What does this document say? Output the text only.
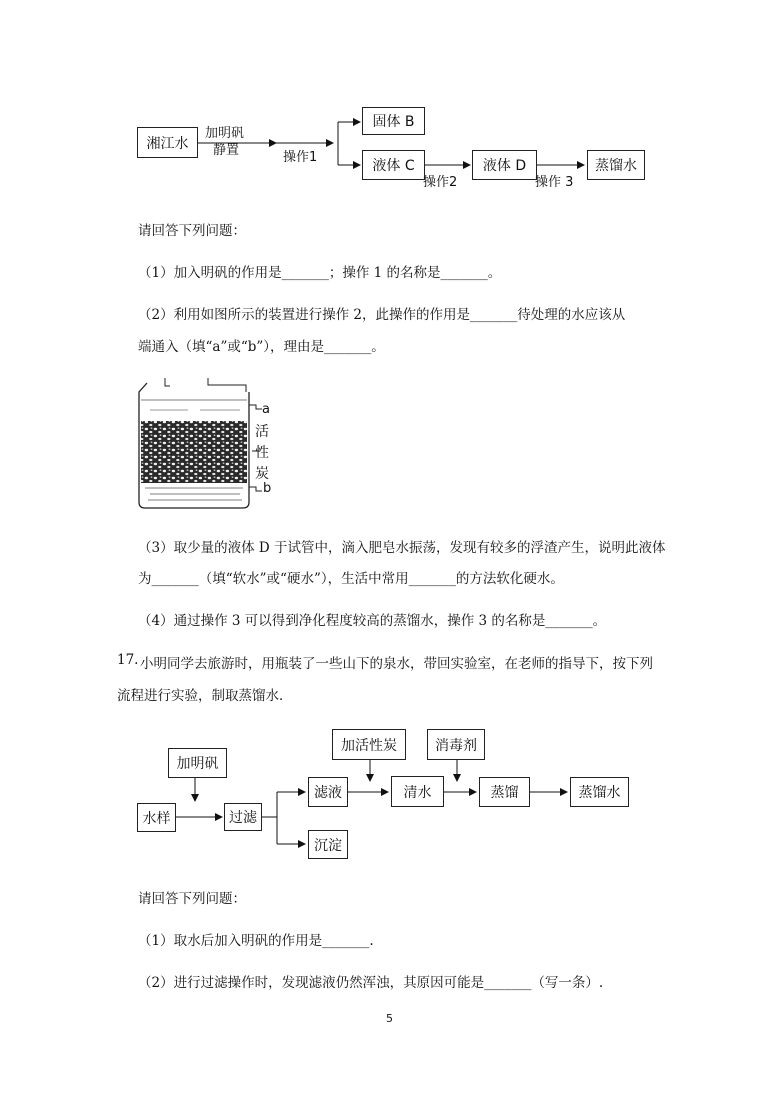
湘江水
加明矾
静置	操作1
固体 B
液体 C
操作2
液体 D
操作 3
蒸馏水
请回答下列问题：
（1）加入明矾的作用是_______；操作 1 的名称是_______。
（2）利用如图所示的装置进行操作 2，此操作的作用是_______待处理的水应该从
端通入（填“a”或“b”），理由是_______。
a
活
性
炭
b
（3）取少量的液体 D 于试管中，滴入肥皂水振荡，发现有较多的浮渣产生，说明此液体
为_______（填“软水”或“硬水”），生活中常用_______的方法软化硬水。
（4）通过操作 3 可以得到净化程度较高的蒸馏水，操作 3 的名称是_______。
17. 小明同学去旅游时，用瓶装了一些山下的泉水，带回实验室，在老师的指导下，按下列
流程进行实验，制取蒸馏水．
加明矾
水样	过滤
滤液
沉淀
加活性炭
清水
消毒剂
蒸馏	蒸馏水
请回答下列问题：
（1）取水后加入明矾的作用是_______.
（2）进行过滤操作时，发现滤液仍然浑浊，其原因可能是_______（写一条）.
5
